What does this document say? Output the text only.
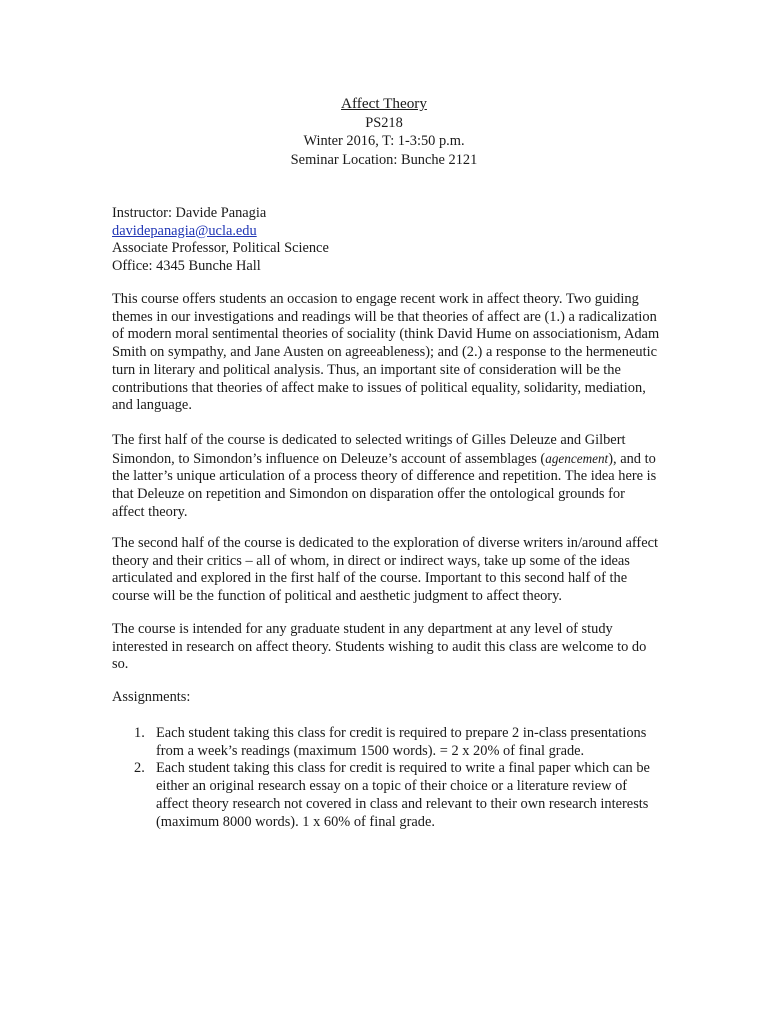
Affect Theory
PS218
Winter 2016, T: 1-3:50 p.m.
Seminar Location: Bunche 2121
Instructor: Davide Panagia
davidepanagia@ucla.edu
Associate Professor, Political Science
Office: 4345 Bunche Hall

This course offers students an occasion to engage recent work in affect theory. Two guiding themes in our investigations and readings will be that theories of affect are (1.) a radicalization of modern moral sentimental theories of sociality (think David Hume on associationism, Adam Smith on sympathy, and Jane Austen on agreeableness); and (2.) a response to the hermeneutic turn in literary and political analysis. Thus, an important site of consideration will be the contributions that theories of affect make to issues of political equality, solidarity, mediation, and language.

The first half of the course is dedicated to selected writings of Gilles Deleuze and Gilbert Simondon, to Simondon’s influence on Deleuze’s account of assemblages (agencement), and to the latter’s unique articulation of a process theory of difference and repetition. The idea here is that Deleuze on repetition and Simondon on disparation offer the ontological grounds for affect theory.

The second half of the course is dedicated to the exploration of diverse writers in/around affect theory and their critics – all of whom, in direct or indirect ways, take up some of the ideas articulated and explored in the first half of the course. Important to this second half of the course will be the function of political and aesthetic judgment to affect theory.

The course is intended for any graduate student in any department at any level of study interested in research on affect theory. Students wishing to audit this class are welcome to do so.

Assignments:
1. Each student taking this class for credit is required to prepare 2 in-class presentations from a week’s readings (maximum 1500 words). = 2 x 20% of final grade.
2. Each student taking this class for credit is required to write a final paper which can be either an original research essay on a topic of their choice or a literature review of affect theory research not covered in class and relevant to their own research interests (maximum 8000 words). 1 x 60% of final grade.
